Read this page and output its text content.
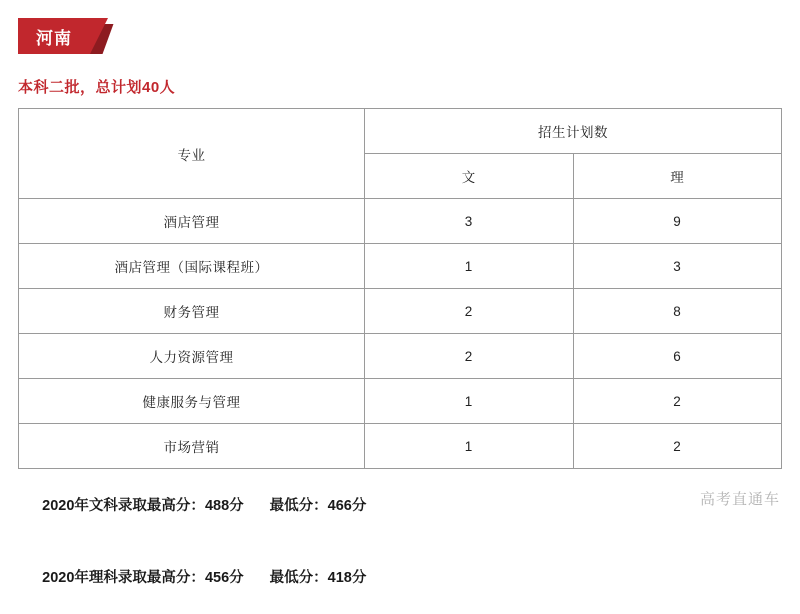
河南
本科二批，总计划40人
专业	招生计划数	
	文	理
酒店管理	3	9
酒店管理（国际课程班）	1	3
财务管理	2	8
人力资源管理	2	6
健康服务与管理	1	2
市场营销	1	2

2020年文科录取最高分：488分 最低分：466分

2020年理科录取最高分：456分 最低分：418分

高考直通车
